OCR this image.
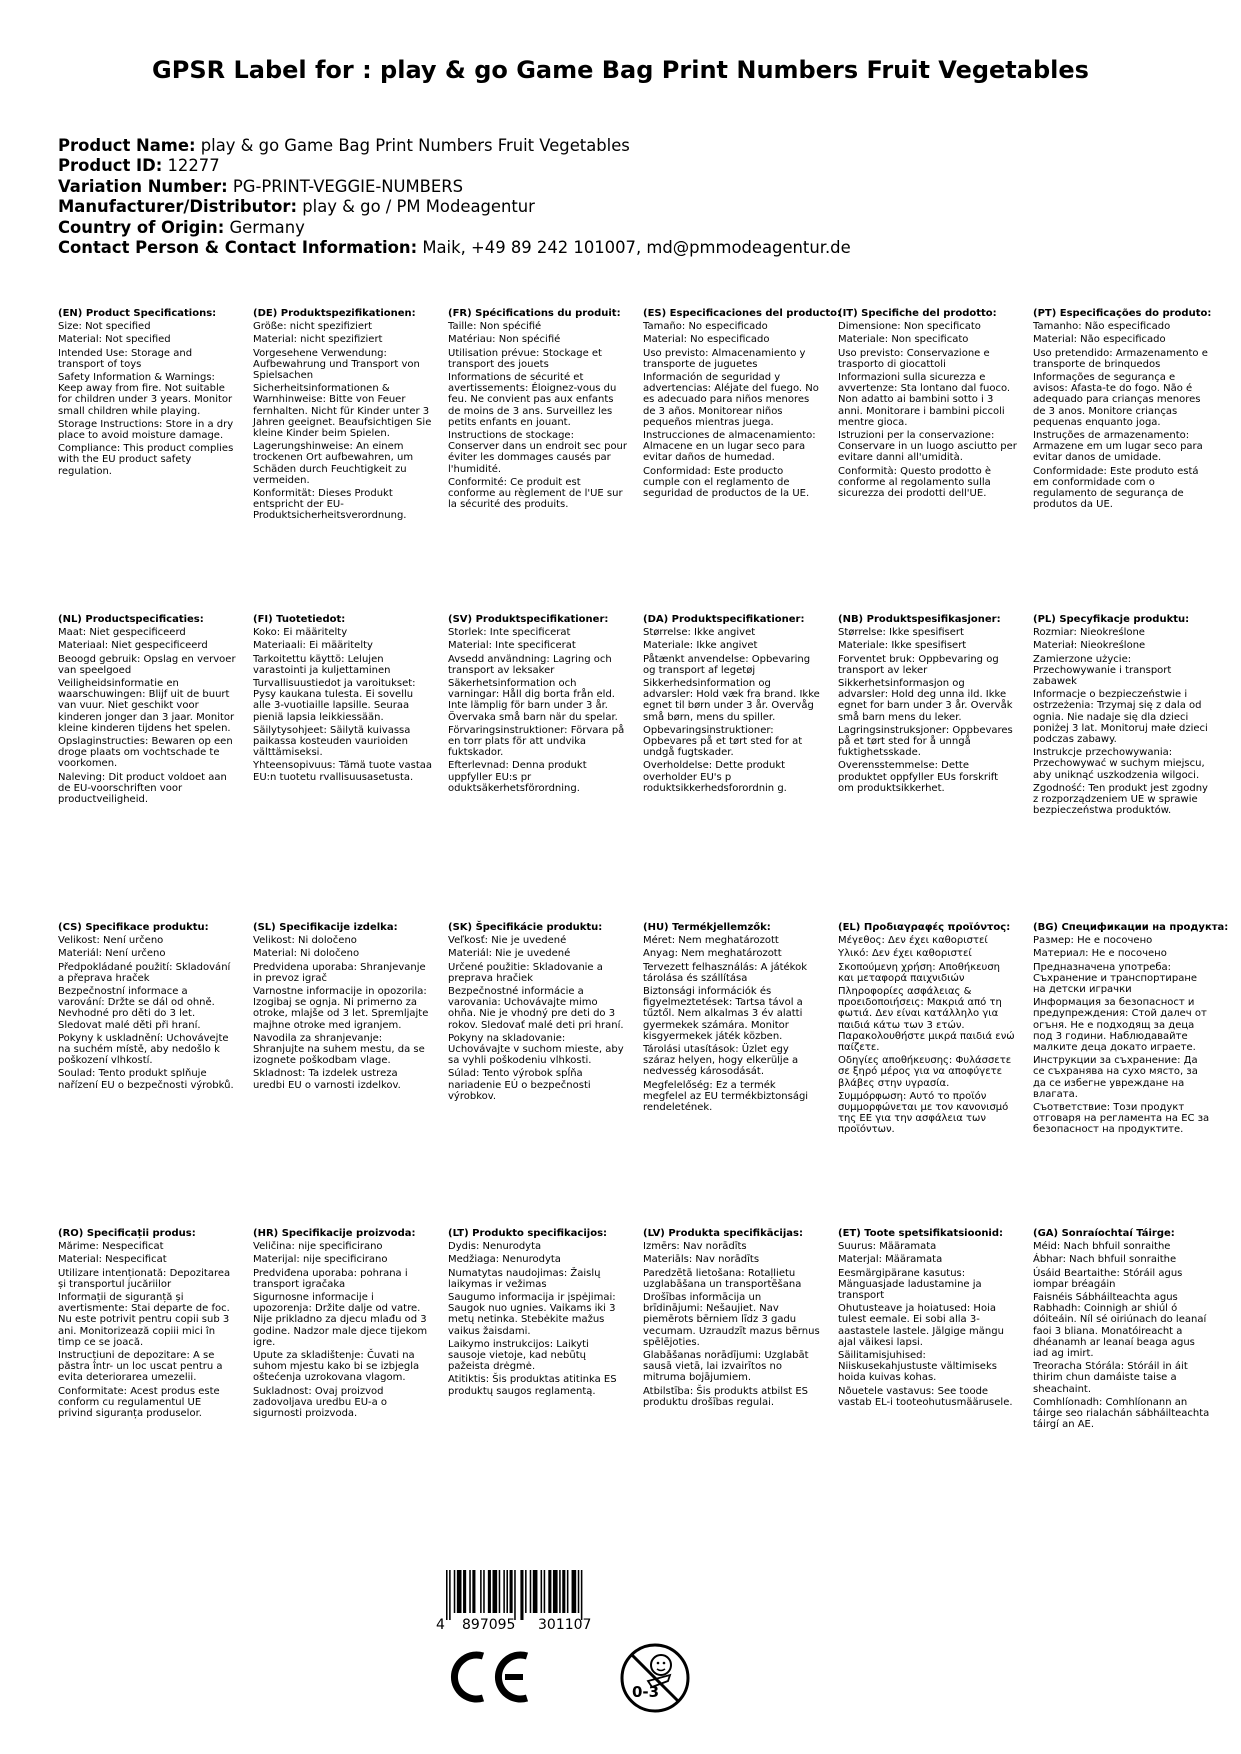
GPSR Label for : play & go Game Bag Print Numbers Fruit Vegetables
Product Name: play & go Game Bag Print Numbers Fruit Vegetables
Product ID: 12277
Variation Number: PG-PRINT-VEGGIE-NUMBERS
Manufacturer/Distributor: play & go / PM Modeagentur
Country of Origin: Germany
Contact Person & Contact Information: Maik, +49 89 242 101007, md@pmmodeagentur.de
(EN) Product Specifications:
Size: Not specified
Material: Not specified
Intended Use: Storage and transport of toys
Safety Information & Warnings: Keep away from fire. Not suitable for children under 3 years. Monitor small children while playing.
Storage Instructions: Store in a dry place to avoid moisture damage.
Compliance: This product complies with the EU product safety regulation.
(DE) Produktspezifikationen:
Größe: nicht spezifiziert
Material: nicht spezifiziert
Vorgesehene Verwendung: Aufbewahrung und Transport von Spielsachen
Sicherheitsinformationen & Warnhinweise: Bitte von Feuer fernhalten. Nicht für Kinder unter 3 Jahren geeignet. Beaufsichtigen Sie kleine Kinder beim Spielen.
Lagerungshinweise: An einem trockenen Ort aufbewahren, um Schäden durch Feuchtigkeit zu vermeiden.
Konformität: Dieses Produkt entspricht der EU-Produktsicherheitsverordnung.
(FR) Spécifications du produit:
Taille: Non spécifié
Matériau: Non spécifié
Utilisation prévue: Stockage et transport des jouets
Informations de sécurité et avertissements: Éloignez-vous du feu. Ne convient pas aux enfants de moins de 3 ans. Surveillez les petits enfants en jouant.
Instructions de stockage: Conserver dans un endroit sec pour éviter les dommages causés par l'humidité.
Conformité: Ce produit est conforme au règlement de l'UE sur la sécurité des produits.
(ES) Especificaciones del producto:
Tamaño: No especificado
Material: No especificado
Uso previsto: Almacenamiento y transporte de juguetes
Información de seguridad y advertencias: Aléjate del fuego. No es adecuado para niños menores de 3 años. Monitorear niños pequeños mientras juega.
Instrucciones de almacenamiento: Almacene en un lugar seco para evitar daños de humedad.
Conformidad: Este producto cumple con el reglamento de seguridad de productos de la UE.
(IT) Specifiche del prodotto:
Dimensione: Non specificato
Materiale: Non specificato
Uso previsto: Conservazione e trasporto di giocattoli
Informazioni sulla sicurezza e avvertenze: Sta lontano dal fuoco. Non adatto ai bambini sotto i 3 anni. Monitorare i bambini piccoli mentre gioca.
Istruzioni per la conservazione: Conservare in un luogo asciutto per evitare danni all'umidità.
Conformità: Questo prodotto è conforme al regolamento sulla sicurezza dei prodotti dell'UE.
(PT) Especificações do produto:
Tamanho: Não especificado
Material: Não especificado
Uso pretendido: Armazenamento e transporte de brinquedos
Informações de segurança e avisos: Afasta-te do fogo. Não é adequado para crianças menores de 3 anos. Monitore crianças pequenas enquanto joga.
Instruções de armazenamento: Armazene em um lugar seco para evitar danos de umidade.
Conformidade: Este produto está em conformidade com o regulamento de segurança de produtos da UE.
(NL) Productspecificaties:
Maat: Niet gespecificeerd
Materiaal: Niet gespecificeerd
Beoogd gebruik: Opslag en vervoer van speelgoed
Veiligheidsinformatie en waarschuwingen: Blijf uit de buurt van vuur. Niet geschikt voor kinderen jonger dan 3 jaar. Monitor kleine kinderen tijdens het spelen.
Opslaginstructies: Bewaren op een droge plaats om vochtschade te voorkomen.
Naleving: Dit product voldoet aan de EU-voorschriften voor productveiligheid.
(FI) Tuotetiedot:
Koko: Ei määritelty
Materiaali: Ei määritelty
Tarkoitettu käyttö: Lelujen varastointi ja kuljettaminen
Turvallisuustiedot ja varoitukset: Pysy kaukana tulesta. Ei sovellu alle 3-vuotiaille lapsille. Seuraa pieniä lapsia leikkiessään.
Säilytysohjeet: Säilytä kuivassa paikassa kosteuden vaurioiden välttämiseksi.
Yhteensopivuus: Tämä tuote vastaa EU:n tuotetu rvallisuusasetusta.
(SV) Produktspecifikationer:
Storlek: Inte specificerat
Material: Inte specificerat
Avsedd användning: Lagring och transport av leksaker
Säkerhetsinformation och varningar: Håll dig borta från eld. Inte lämplig för barn under 3 år. Övervaka små barn när du spelar.
Förvaringsinstruktioner: Förvara på en torr plats för att undvika fuktskador.
Efterlevnad: Denna produkt uppfyller EU:s pr oduktsäkerhetsförordning.
(DA) Produktspecifikationer:
Størrelse: Ikke angivet
Materiale: Ikke angivet
Påtænkt anvendelse: Opbevaring og transport af legetøj
Sikkerhedsinformation og advarsler: Hold væk fra brand. Ikke egnet til børn under 3 år. Overvåg små børn, mens du spiller.
Opbevaringsinstruktioner: Opbevares på et tørt sted for at undgå fugtskader.
Overholdelse: Dette produkt overholder EU's p roduktsikkerhedsforordnin g.
(NB) Produktspesifikasjoner:
Størrelse: Ikke spesifisert
Materiale: Ikke spesifisert
Forventet bruk: Oppbevaring og transport av leker
Sikkerhetsinformasjon og advarsler: Hold deg unna ild. Ikke egnet for barn under 3 år. Overvåk små barn mens du leker.
Lagringsinstruksjoner: Oppbevares på et tørt sted for å unngå fuktighetsskade.
Overensstemmelse: Dette produktet oppfyller EUs forskrift om produktsikkerhet.
(PL) Specyfikacje produktu:
Rozmiar: Nieokreślone
Materiał: Nieokreślone
Zamierzone użycie: Przechowywanie i transport zabawek
Informacje o bezpieczeństwie i ostrzeżenia: Trzymaj się z dala od ognia. Nie nadaje się dla dzieci poniżej 3 lat. Monitoruj małe dzieci podczas zabawy.
Instrukcje przechowywania: Przechowywać w suchym miejscu, aby uniknąć uszkodzenia wilgoci.
Zgodność: Ten produkt jest zgodny z rozporządzeniem UE w sprawie bezpieczeństwa produktów.
(CS) Specifikace produktu:
Velikost: Není určeno
Materiál: Není určeno
Předpokládané použití: Skladování a přeprava hraček
Bezpečnostní informace a varování: Držte se dál od ohně. Nevhodné pro děti do 3 let. Sledovat malé děti při hraní.
Pokyny k uskladnění: Uchovávejte na suchém místě, aby nedošlo k poškození vlhkostí.
Soulad: Tento produkt splňuje nařízení EU o bezpečnosti výrobků.
(SL) Specifikacije izdelka:
Velikost: Ni določeno
Material: Ni določeno
Predvidena uporaba: Shranjevanje in prevoz igrač
Varnostne informacije in opozorila: Izogibaj se ognja. Ni primerno za otroke, mlajše od 3 let. Spremljajte majhne otroke med igranjem.
Navodila za shranjevanje: Shranjujte na suhem mestu, da se izognete poškodbam vlage.
Skladnost: Ta izdelek ustreza uredbi EU o varnosti izdelkov.
(SK) Špecifikácie produktu:
Veľkosť: Nie je uvedené
Materiál: Nie je uvedené
Určené použitie: Skladovanie a preprava hračiek
Bezpečnostné informácie a varovania: Uchovávajte mimo ohňa. Nie je vhodný pre deti do 3 rokov. Sledovať malé deti pri hraní.
Pokyny na skladovanie: Uchovávajte v suchom mieste, aby sa vyhli poškodeniu vlhkosti.
Súlad: Tento výrobok spĺňa nariadenie EÚ o bezpečnosti výrobkov.
(HU) Termékjellemzők:
Méret: Nem meghatározott
Anyag: Nem meghatározott
Tervezett felhasználás: A játékok tárolása és szállítása
Biztonsági információk és figyelmeztetések: Tartsa távol a tűztől. Nem alkalmas 3 év alatti gyermekek számára. Monitor kisgyermekek játék közben.
Tárolási utasítások: Üzlet egy száraz helyen, hogy elkerülje a nedvesség károsodását.
Megfelelőség: Ez a termék megfelel az EU termékbiztonsági rendeletének.
(EL) Προδιαγραφές προϊόντος:
Μέγεθος: Δεν έχει καθοριστεί
Υλικό: Δεν έχει καθοριστεί
Σκοπούμενη χρήση: Αποθήκευση και μεταφορά παιχνιδιών
Πληροφορίες ασφάλειας & προειδοποιήσεις: Μακριά από τη φωτιά. Δεν είναι κατάλληλο για παιδιά κάτω των 3 ετών. Παρακολουθήστε μικρά παιδιά ενώ παίζετε.
Οδηγίες αποθήκευσης: Φυλάσσετε σε ξηρό μέρος για να αποφύγετε βλάβες στην υγρασία.
Συμμόρφωση: Αυτό το προϊόν συμμορφώνεται με τον κανονισμό της ΕΕ για την ασφάλεια των προϊόντων.
(BG) Спецификации на продукта:
Размер: Не е посочено
Материал: Не е посочено
Предназначена употреба: Съхранение и транспортиране на детски играчки
Информация за безопасност и предупреждения: Стой далеч от огъня. Не е подходящ за деца под 3 години. Наблюдавайте малките деца докато играете.
Инструкции за съхранение: Да се съхранява на сухо място, за да се избегне увреждане на влагата.
Съответствие: Този продукт отговаря на регламента на ЕС за безопасност на продуктите.
(RO) Specificații produs:
Mărime: Nespecificat
Material: Nespecificat
Utilizare intenționată: Depozitarea și transportul jucăriilor
Informații de siguranță și avertismente: Stai departe de foc. Nu este potrivit pentru copii sub 3 ani. Monitorizează copiii mici în timp ce se joacă.
Instrucțiuni de depozitare: A se păstra într- un loc uscat pentru a evita deteriorarea umezelii.
Conformitate: Acest produs este conform cu regulamentul UE privind siguranța produselor.
(HR) Specifikacije proizvoda:
Veličina: nije specificirano
Materijal: nije specificirano
Predviđena uporaba: pohrana i transport igračaka
Sigurnosne informacije i upozorenja: Držite dalje od vatre. Nije prikladno za djecu mlađu od 3 godine. Nadzor male djece tijekom igre.
Upute za skladištenje: Čuvati na suhom mjestu kako bi se izbjegla oštećenja uzrokovana vlagom.
Sukladnost: Ovaj proizvod zadovoljava uredbu EU-a o sigurnosti proizvoda.
(LT) Produkto specifikacijos:
Dydis: Nenurodyta
Medžiaga: Nenurodyta
Numatytas naudojimas: Žaislų laikymas ir vežimas
Saugumo informacija ir įspėjimai: Saugok nuo ugnies. Vaikams iki 3 metų netinka. Stebėkite mažus vaikus žaisdami.
Laikymo instrukcijos: Laikyti sausoje vietoje, kad nebūtų pažeista drėgmė.
Atitiktis: Šis produktas atitinka ES produktų saugos reglamentą.
(LV) Produkta specifikācijas:
Izmērs: Nav norādīts
Materiāls: Nav norādīts
Paredzētā lietošana: Rotaļlietu uzglabāšana un transportēšana
Drošības informācija un brīdinājumi: Nešaujiet. Nav piemērots bērniem līdz 3 gadu vecumam. Uzraudzīt mazus bērnus spēlējoties.
Glabāšanas norādījumi: Uzglabāt sausā vietā, lai izvairītos no mitruma bojājumiem.
Atbilstība: Šis produkts atbilst ES produktu drošības regulai.
(ET) Toote spetsifikatsioonid:
Suurus: Määramata
Materjal: Määramata
Eesmärgipärane kasutus: Mänguasjade ladustamine ja transport
Ohutusteave ja hoiatused: Hoia tulest eemale. Ei sobi alla 3-aastastele lastele. Jälgige mängu ajal väikesi lapsi.
Säilitamisjuhised: Niiskusekahjustuste vältimiseks hoida kuivas kohas.
Nõuetele vastavus: See toode vastab EL-i tooteohutusmäärusele.
(GA) Sonraíochtaí Táirge:
Méid: Nach bhfuil sonraithe
Ábhar: Nach bhfuil sonraithe
Úsáid Beartaithe: Stóráil agus iompar bréagáin
Faisnéis Sábháilteachta agus Rabhadh: Coinnigh ar shiúl ó dóiteáin. Níl sé oiriúnach do leanaí faoi 3 bliana. Monatóireacht a dhéanamh ar leanaí beaga agus iad ag imirt.
Treoracha Stórála: Stóráil in áit thirim chun damáiste taise a sheachaint.
Comhlíonadh: Comhlíonann an táirge seo rialachán sábháilteachta táirgí an AE.
4 897095 301107
0-3
